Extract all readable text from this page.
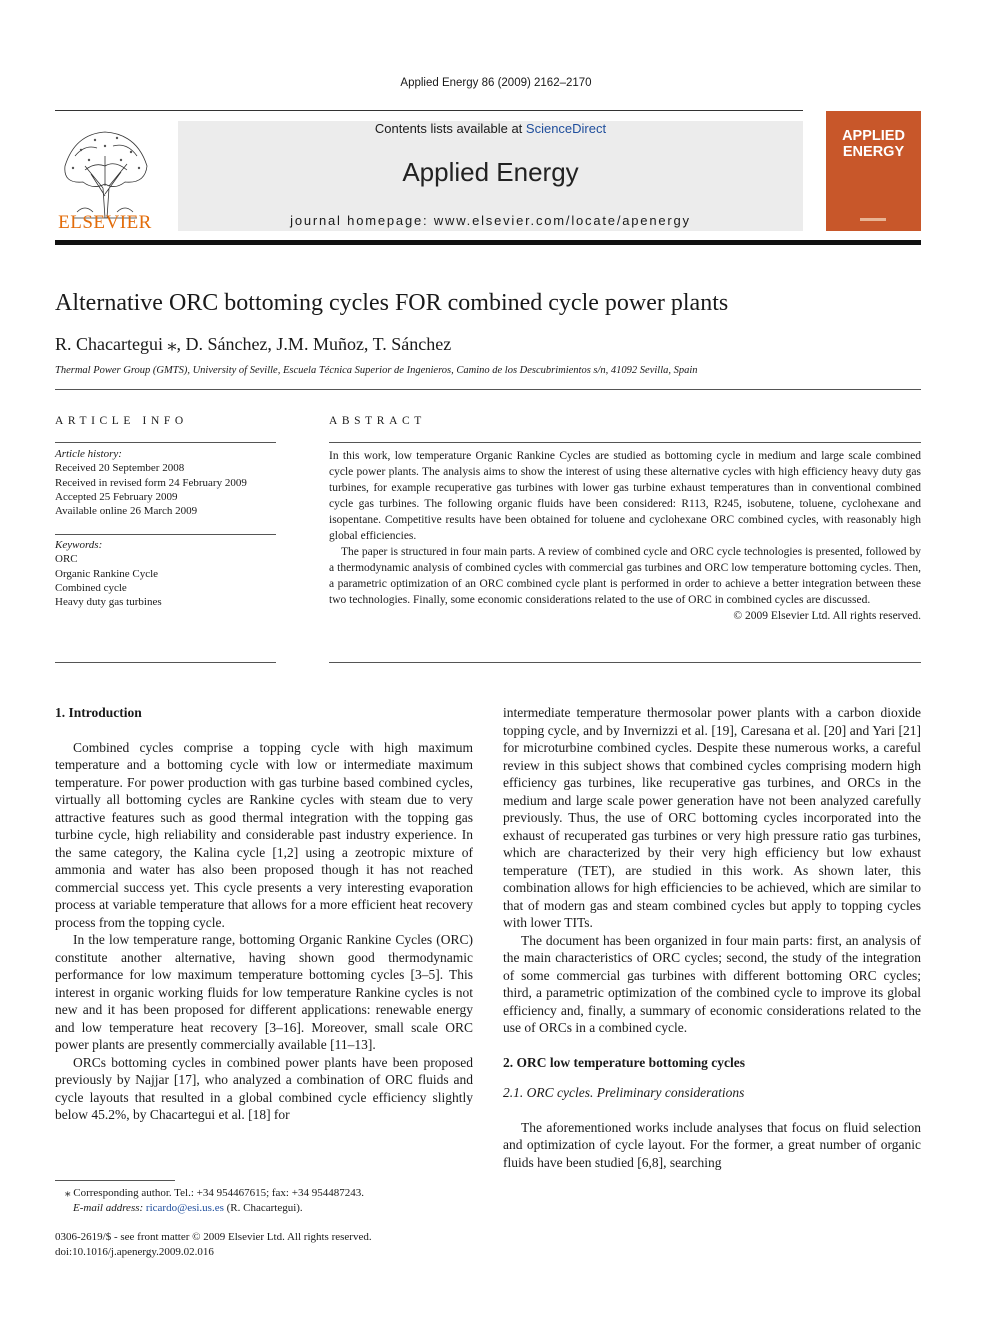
Applied Energy 86 (2009) 2162–2170
ELSEVIER
Contents lists available at ScienceDirect
Applied Energy
journal homepage: www.elsevier.com/locate/apenergy
APPLIED
ENERGY
Alternative ORC bottoming cycles FOR combined cycle power plants
R. Chacartegui ⁎, D. Sánchez, J.M. Muñoz, T. Sánchez
Thermal Power Group (GMTS), University of Seville, Escuela Técnica Superior de Ingenieros, Camino de los Descubrimientos s/n, 41092 Sevilla, Spain
ARTICLE INFO	ABSTRACT
Article history:
Received 20 September 2008
Received in revised form 24 February 2009
Accepted 25 February 2009
Available online 26 March 2009
Keywords:
ORC
Organic Rankine Cycle
Combined cycle
Heavy duty gas turbines

In this work, low temperature Organic Rankine Cycles are studied as bottoming cycle in medium and large scale combined cycle power plants. The analysis aims to show the interest of using these alternative cycles with high efficiency heavy duty gas turbines, for example recuperative gas turbines with lower gas turbine exhaust temperatures than in conventional combined cycle gas turbines. The following organic fluids have been considered: R113, R245, isobutene, toluene, cyclohexane and isopentane. Competitive results have been obtained for toluene and cyclohexane ORC combined cycles, with reasonably high global efficiencies.

The paper is structured in four main parts. A review of combined cycle and ORC cycle technologies is presented, followed by a thermodynamic analysis of combined cycles with commercial gas turbines and ORC low temperature bottoming cycles. Then, a parametric optimization of an ORC combined cycle plant is performed in order to achieve a better integration between these two technologies. Finally, some economic considerations related to the use of ORC in combined cycles are discussed.

© 2009 Elsevier Ltd. All rights reserved.
1. Introduction

Combined cycles comprise a topping cycle with high maximum temperature and a bottoming cycle with low or intermediate maximum temperature. For power production with gas turbine based combined cycles, virtually all bottoming cycles are Rankine cycles with steam due to very attractive features such as good thermal integration with the topping gas turbine cycle, high reliability and considerable past industry experience. In the same category, the Kalina cycle [1,2] using a zeotropic mixture of ammonia and water has also been proposed though it has not reached commercial success yet. This cycle presents a very interesting evaporation process at variable temperature that allows for a more efficient heat recovery process from the topping cycle.

In the low temperature range, bottoming Organic Rankine Cycles (ORC) constitute another alternative, having shown good thermodynamic performance for low maximum temperature bottoming cycles [3–5]. This interest in organic working fluids for low temperature Rankine cycles is not new and it has been proposed for different applications: renewable energy and low temperature heat recovery [3–16]. Moreover, small scale ORC power plants are presently commercially available [11–13].

ORCs bottoming cycles in combined power plants have been proposed previously by Najjar [17], who analyzed a combination of ORC fluids and cycle layouts that resulted in a global combined cycle efficiency slightly below 45.2%, by Chacartegui et al. [18] for

intermediate temperature thermosolar power plants with a carbon dioxide topping cycle, and by Invernizzi et al. [19], Caresana et al. [20] and Yari [21] for microturbine combined cycles. Despite these numerous works, a careful review in this subject shows that combined cycles comprising modern high efficiency gas turbines, like recuperative gas turbines, and ORCs in the medium and large scale power generation have not been analyzed carefully previously. Thus, the use of ORC bottoming cycles incorporated into the exhaust of recuperated gas turbines or very high pressure ratio gas turbines, which are characterized by their very high efficiency but low exhaust temperature (TET), are studied in this work. As shown later, this combination allows for high efficiencies to be achieved, which are similar to that of modern gas and steam combined cycles but apply to topping cycles with lower TITs.

The document has been organized in four main parts: first, an analysis of the main characteristics of ORC cycles; second, the study of the integration of some commercial gas turbines with different bottoming ORC cycles; third, a parametric optimization of the combined cycle to improve its global efficiency and, finally, a summary of economic considerations related to the use of ORCs in a combined cycle.

2. ORC low temperature bottoming cycles
2.1. ORC cycles. Preliminary considerations

The aforementioned works include analyses that focus on fluid selection and optimization of cycle layout. For the former, a great number of organic fluids have been studied [6,8], searching

⁎ Corresponding author. Tel.: +34 954467615; fax: +34 954487243.
E-mail address: ricardo@esi.us.es (R. Chacartegui).
0306-2619/$ - see front matter © 2009 Elsevier Ltd. All rights reserved.
doi:10.1016/j.apenergy.2009.02.016
